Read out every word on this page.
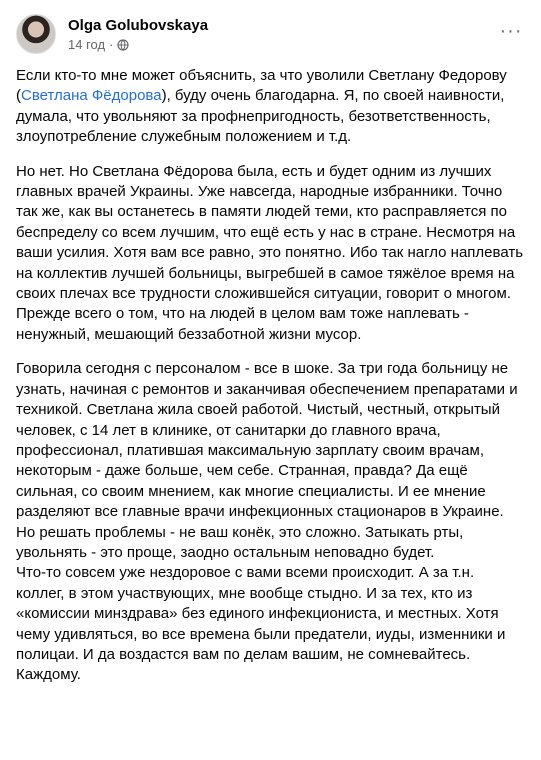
Olga Golubovskaya
14 год ·
···

Если кто-то мне может объяснить, за что уволили Светлану Федорову (Светлана Фёдорова), буду очень благодарна. Я, по своей наивности, думала, что увольняют за профнепригодность, безответственность, злоупотребление служебным положением и т.д.

Но нет. Но Светлана Фёдорова была, есть и будет одним из лучших главных врачей Украины. Уже навсегда, народные избранники. Точно так же, как вы останетесь в памяти людей теми, кто расправляется по беспределу со всем лучшим, что ещё есть у нас в стране. Несмотря на ваши усилия. Хотя вам все равно, это понятно. Ибо так нагло наплевать на коллектив лучшей больницы, выгребшей в самое тяжёлое время на своих плечах все трудности сложившейся ситуации, говорит о многом. Прежде всего о том, что на людей в целом вам тоже наплевать - ненужный, мешающий беззаботной жизни мусор.

Говорила сегодня с персоналом - все в шоке. За три года больницу не узнать, начиная с ремонтов и заканчивая обеспечением препаратами и техникой. Светлана жила своей работой. Чистый, честный, открытый человек, с 14 лет в клинике, от санитарки до главного врача, профессионал, платившая максимальную зарплату своим врачам, некоторым - даже больше, чем себе. Странная, правда? Да ещё сильная, со своим мнением, как многие специалисты. И ее мнение разделяют все главные врачи инфекционных стационаров в Украине. Но решать проблемы - не ваш конёк, это сложно. Затыкать рты, увольнять - это проще, заодно остальным неповадно будет.

Что-то совсем уже нездоровое с вами всеми происходит. А за т.н. коллег, в этом участвующих, мне вообще стыдно. И за тех, кто из «комиссии минздрава» без единого инфекциониста, и местных. Хотя чему удивляться, во все времена были предатели, иуды, изменники и полицаи. И да воздастся вам по делам вашим, не сомневайтесь. Каждому.
